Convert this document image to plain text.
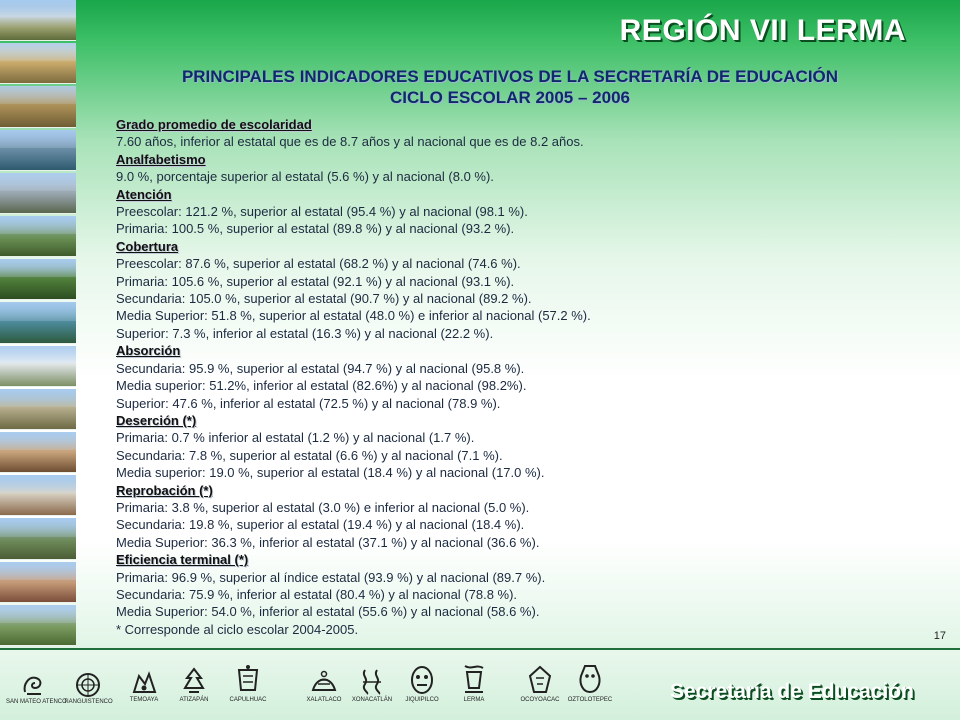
REGIÓN VII LERMA
PRINCIPALES INDICADORES EDUCATIVOS DE LA SECRETARÍA DE EDUCACIÓN
CICLO ESCOLAR 2005 – 2006
Grado promedio de escolaridad
7.60 años, inferior al estatal que es de 8.7 años y al nacional que es de 8.2 años.
Analfabetismo
9.0 %, porcentaje superior al estatal (5.6 %) y al nacional (8.0 %).
Atención
Preescolar: 121.2 %, superior al estatal (95.4 %) y al nacional (98.1 %).
Primaria: 100.5 %, superior al estatal (89.8 %) y al nacional (93.2 %).
Cobertura
Preescolar: 87.6 %, superior al estatal (68.2 %) y al nacional (74.6 %).
Primaria: 105.6 %, superior al estatal (92.1 %) y al nacional (93.1 %).
Secundaria: 105.0 %, superior al estatal (90.7 %) y al nacional (89.2 %).
Media Superior: 51.8 %, superior al estatal (48.0 %) e inferior al nacional (57.2 %).
Superior: 7.3 %, inferior al estatal (16.3 %) y al nacional (22.2 %).
Absorción
Secundaria: 95.9 %, superior al estatal (94.7 %) y al nacional (95.8 %).
Media superior: 51.2%, inferior al estatal (82.6%) y al nacional (98.2%).
Superior: 47.6 %, inferior al estatal (72.5 %) y al nacional (78.9 %).
Deserción (*)
Primaria: 0.7 % inferior al estatal (1.2 %) y al nacional (1.7 %).
Secundaria: 7.8 %, superior al estatal (6.6 %) y al nacional (7.1 %).
Media superior: 19.0 %, superior al estatal (18.4 %) y al nacional (17.0 %).
Reprobación (*)
Primaria: 3.8 %, superior al estatal (3.0 %) e inferior al nacional (5.0 %).
Secundaria: 19.8 %, superior al estatal (19.4 %) y al nacional (18.4 %).
Media Superior: 36.3 %, inferior al estatal (37.1 %) y al nacional (36.6 %).
Eficiencia terminal (*)
Primaria: 96.9 %, superior al índice estatal (93.9 %) y al nacional (89.7 %).
Secundaria: 75.9 %, inferior al estatal (80.4 %) y al nacional (78.8 %).
Media Superior: 54.0 %, inferior al estatal (55.6 %) y al nacional (58.6 %).
* Corresponde al ciclo escolar 2004-2005.	17
SAN MATEO ATENCO
TIANGUISTENCO	TEMOAYA	ATIZAPÁN	CAPULHUAC	XALATLACO	XONACATLÁN	JIQUIPILCO	LERMA	OCOYOACAC	OZTOLOTEPEC	Secretaría de Educación
